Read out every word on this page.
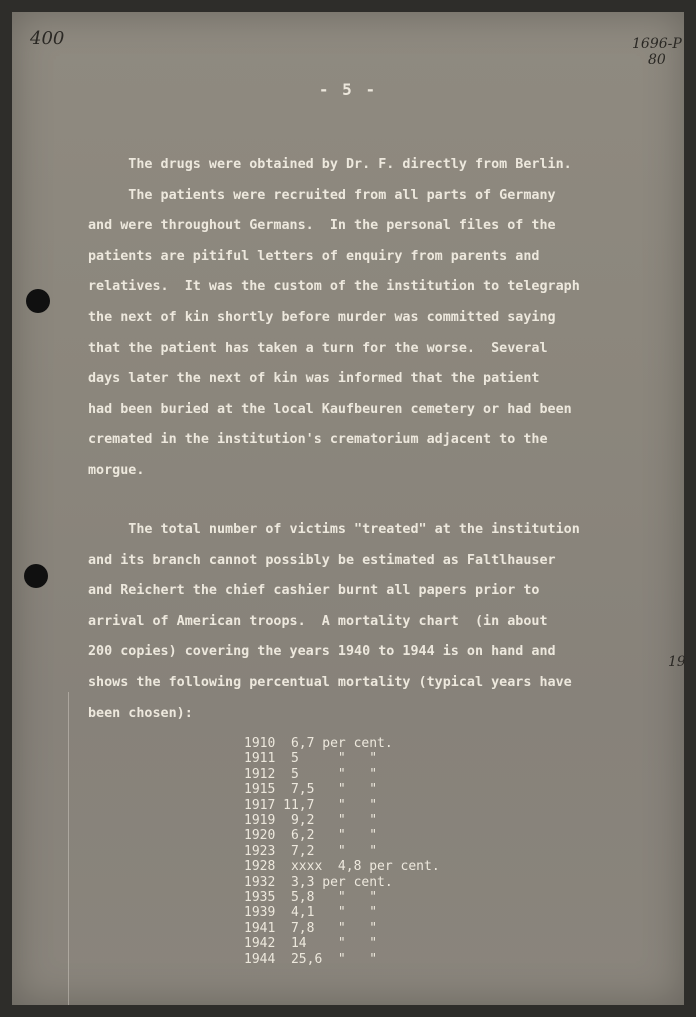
400	1696-P
80
19
- 5 -
The drugs were obtained by Dr. F. directly from Berlin.
The patients were recruited from all parts of Germany
and were throughout Germans.  In the personal files of the
patients are pitiful letters of enquiry from parents and
relatives.  It was the custom of the institution to telegraph
the next of kin shortly before murder was committed saying
that the patient has taken a turn for the worse.  Several
days later the next of kin was informed that the patient
had been buried at the local Kaufbeuren cemetery or had been
cremated in the institution's crematorium adjacent to the
morgue.
The total number of victims "treated" at the institution
and its branch cannot possibly be estimated as Faltlhauser
and Reichert the chief cashier burnt all papers prior to
arrival of American troops.  A mortality chart  (in about
200 copies) covering the years 1940 to 1944 is on hand and
shows the following percentual mortality (typical years have
been chosen):
1910  6,7 per cent.
1911  5     "   "
1912  5     "   "
1915  7,5   "   "
1917 11,7   "   "
1919  9,2   "   "
1920  6,2   "   "
1923  7,2   "   "
1928  xxxx  4,8 per cent.
1932  3,3 per cent.
1935  5,8   "   "
1939  4,1   "   "
1941  7,8   "   "
1942  14    "   "
1944  25,6  "   "
